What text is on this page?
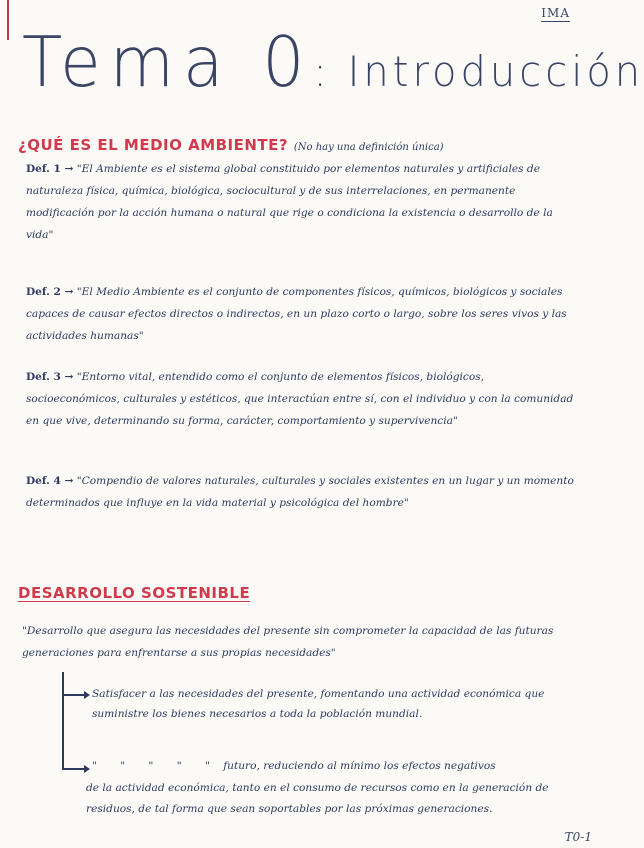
IMA
Tema 0: Introducción
¿QUÉ ES EL MEDIO AMBIENTE? (No hay una definición única)
Def. 1 → "El Ambiente es el sistema global constituido por elementos naturales y artificiales de naturaleza física, química, biológica, sociocultural y de sus interrelaciones, en permanente modificación por la acción humana o natural que rige o condiciona la existencia o desarrollo de la vida"
Def. 2 → "El Medio Ambiente es el conjunto de componentes físicos, químicos, biológicos y sociales capaces de causar efectos directos o indirectos, en un plazo corto o largo, sobre los seres vivos y las actividades humanas"
Def. 3 → "Entorno vital, entendido como el conjunto de elementos físicos, biológicos, socioeconómicos, culturales y estéticos, que interactúan entre sí, con el individuo y con la comunidad en que vive, determinando su forma, carácter, comportamiento y supervivencia"
Def. 4 → "Compendio de valores naturales, culturales y sociales existentes en un lugar y un momento determinados que influye en la vida material y psicológica del hombre"
DESARROLLO SOSTENIBLE
"Desarrollo que asegura las necesidades del presente sin comprometer la capacidad de las futuras generaciones para enfrentarse a sus propias necesidades"
Satisfacer a las necesidades del presente, fomentando una actividad económica que suministre los bienes necesarios a toda la población mundial.
" " " " " futuro, reduciendo al mínimo los efectos negativos
de la actividad económica, tanto en el consumo de recursos como en la generación de residuos, de tal forma que sean soportables por las próximas generaciones.
T0-1
